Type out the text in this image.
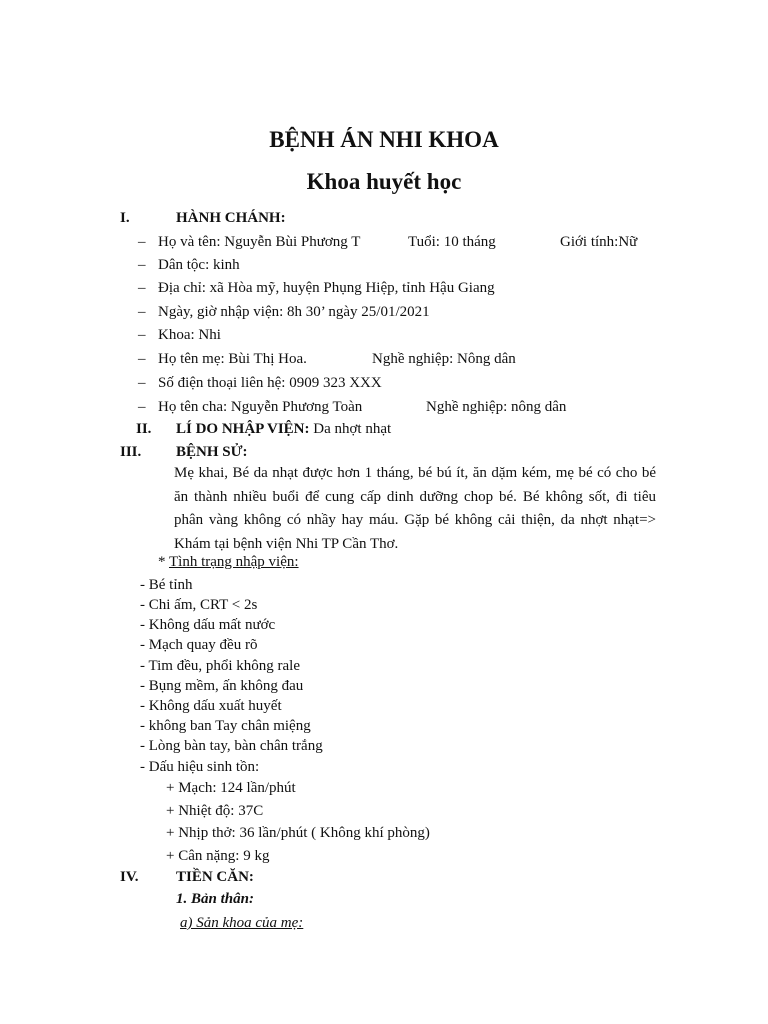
BỆNH ÁN NHI KHOA
Khoa huyết học
I.	HÀNH CHÁNH:
– Họ và tên: Nguyễn Bùi Phương T	Tuổi: 10 tháng	Giới tính:Nữ
– Dân tộc: kinh
– Địa chỉ: xã Hòa mỹ, huyện Phụng Hiệp, tỉnh Hậu Giang
– Ngày, giờ nhập viện: 8h 30’ ngày 25/01/2021
– Khoa: Nhi
– Họ tên mẹ: Bùi Thị Hoa.	Nghề nghiệp: Nông dân
– Số điện thoại liên hệ: 0909 323 XXX
– Họ tên cha: Nguyễn Phương Toàn	Nghề nghiệp: nông dân
II. LÍ DO NHẬP VIỆN: Da nhợt nhạt
III. BỆNH SỬ:
Mẹ khai, Bé da nhạt được hơn 1 tháng, bé bú ít, ăn dặm kém, mẹ bé có cho bé ăn thành nhiều buổi để cung cấp dinh dưỡng chop bé. Bé không sốt, đi tiêu phân vàng không có nhầy hay máu. Gặp bé không cải thiện, da nhợt nhạt=> Khám tại bệnh viện Nhi TP Cần Thơ.
* Tình trạng nhập viện:
- Bé tỉnh
- Chi ấm, CRT < 2s
- Không dấu mất nước
- Mạch quay đều rõ
- Tim đều, phổi không rale
- Bụng mềm, ấn không đau
- Không dấu xuất huyết
- không ban Tay chân miệng
- Lòng bàn tay, bàn chân trắng
- Dấu hiệu sinh tồn:
+ Mạch: 124 lần/phút
+ Nhiệt độ: 37C
+ Nhịp thở: 36 lần/phút ( Không khí phòng)
+ Cân nặng: 9 kg
IV.	TIỀN CĂN:
1. Bản thân:
a) Sản khoa của mẹ:
